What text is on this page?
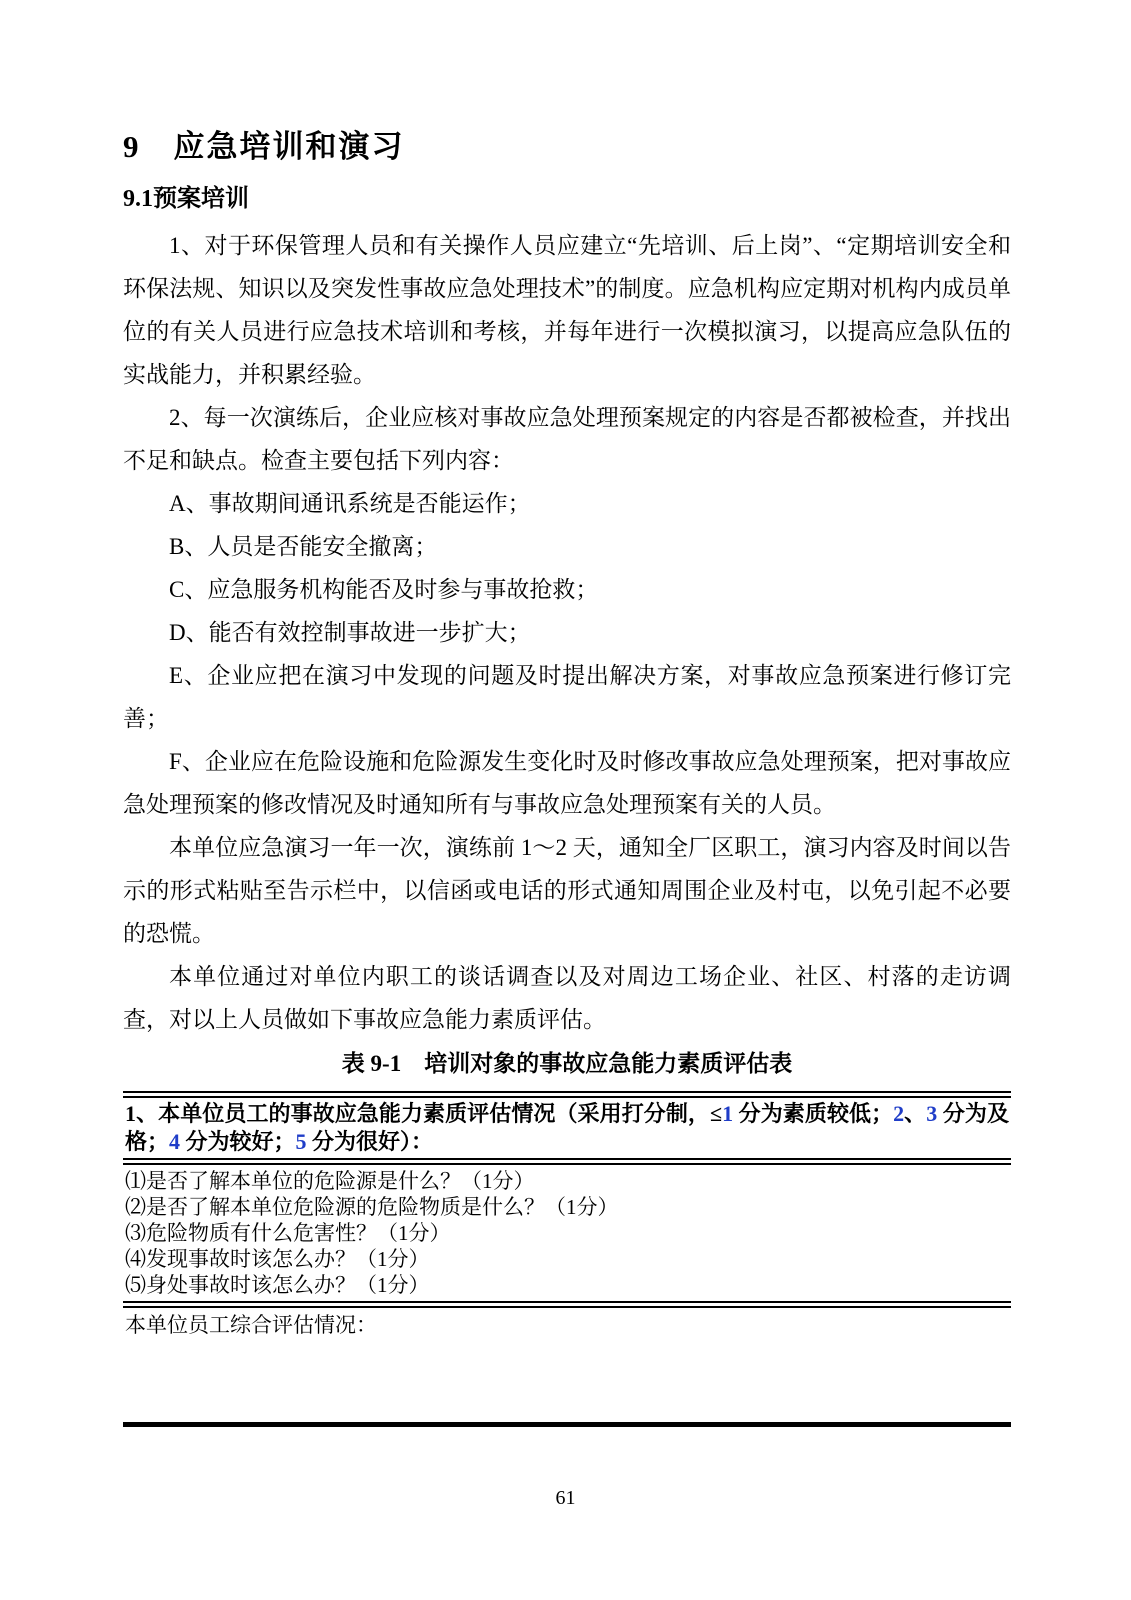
9　应急培训和演习
9.1预案培训

1、对于环保管理人员和有关操作人员应建立“先培训、后上岗”、“定期培训安全和环保法规、知识以及突发性事故应急处理技术”的制度。应急机构应定期对机构内成员单位的有关人员进行应急技术培训和考核，并每年进行一次模拟演习，以提高应急队伍的实战能力，并积累经验。

2、每一次演练后，企业应核对事故应急处理预案规定的内容是否都被检查，并找出不足和缺点。检查主要包括下列内容：

A、事故期间通讯系统是否能运作；

B、人员是否能安全撤离；

C、应急服务机构能否及时参与事故抢救；

D、能否有效控制事故进一步扩大；

E、企业应把在演习中发现的问题及时提出解决方案，对事故应急预案进行修订完善；

F、企业应在危险设施和危险源发生变化时及时修改事故应急处理预案，把对事故应急处理预案的修改情况及时通知所有与事故应急处理预案有关的人员。

本单位应急演习一年一次，演练前 1～2 天，通知全厂区职工，演习内容及时间以告示的形式粘贴至告示栏中，以信函或电话的形式通知周围企业及村屯，以免引起不必要的恐慌。

本单位通过对单位内职工的谈话调查以及对周边工场企业、社区、村落的走访调查，对以上人员做如下事故应急能力素质评估。

表 9-1　培训对象的事故应急能力素质评估表
1、本单位员工的事故应急能力素质评估情况（采用打分制，≤1 分为素质较低；2、3 分为及格；4 分为较好；5 分为很好）：
⑴是否了解本单位的危险源是什么？（1分）
⑵是否了解本单位危险源的危险物质是什么？（1分）
⑶危险物质有什么危害性？（1分）
⑷发现事故时该怎么办？（1分）
⑸身处事故时该怎么办？（1分）
本单位员工综合评估情况：
61
